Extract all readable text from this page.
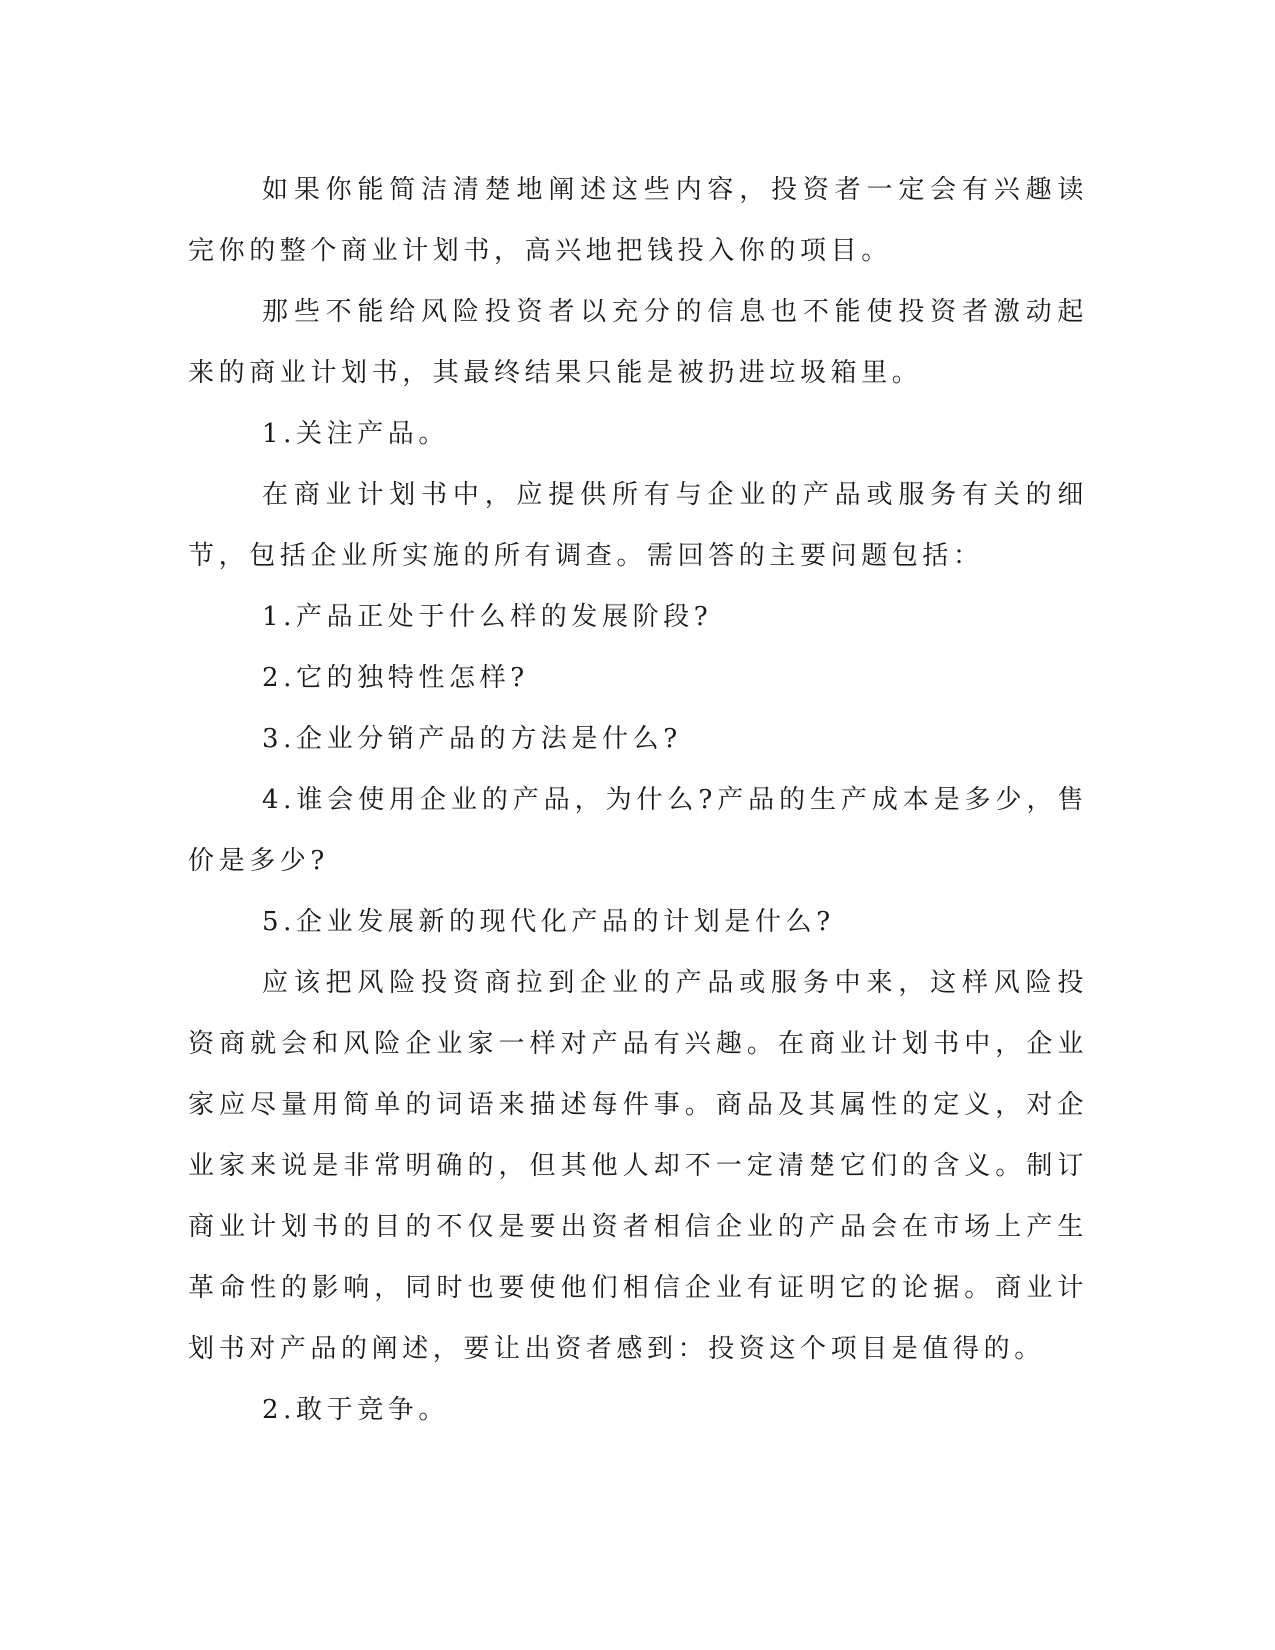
如果你能简洁清楚地阐述这些内容，投资者一定会有兴趣读完你的整个商业计划书，高兴地把钱投入你的项目。

那些不能给风险投资者以充分的信息也不能使投资者激动起来的商业计划书，其最终结果只能是被扔进垃圾箱里。

1.关注产品。

在商业计划书中，应提供所有与企业的产品或服务有关的细节，包括企业所实施的所有调查。需回答的主要问题包括：

1.产品正处于什么样的发展阶段?

2.它的独特性怎样?

3.企业分销产品的方法是什么?

4.谁会使用企业的产品，为什么?产品的生产成本是多少，售价是多少?

5.企业发展新的现代化产品的计划是什么?

应该把风险投资商拉到企业的产品或服务中来，这样风险投资商就会和风险企业家一样对产品有兴趣。在商业计划书中，企业家应尽量用简单的词语来描述每件事。商品及其属性的定义，对企业家来说是非常明确的，但其他人却不一定清楚它们的含义。制订商业计划书的目的不仅是要出资者相信企业的产品会在市场上产生革命性的影响，同时也要使他们相信企业有证明它的论据。商业计划书对产品的阐述，要让出资者感到：投资这个项目是值得的。

2.敢于竞争。
